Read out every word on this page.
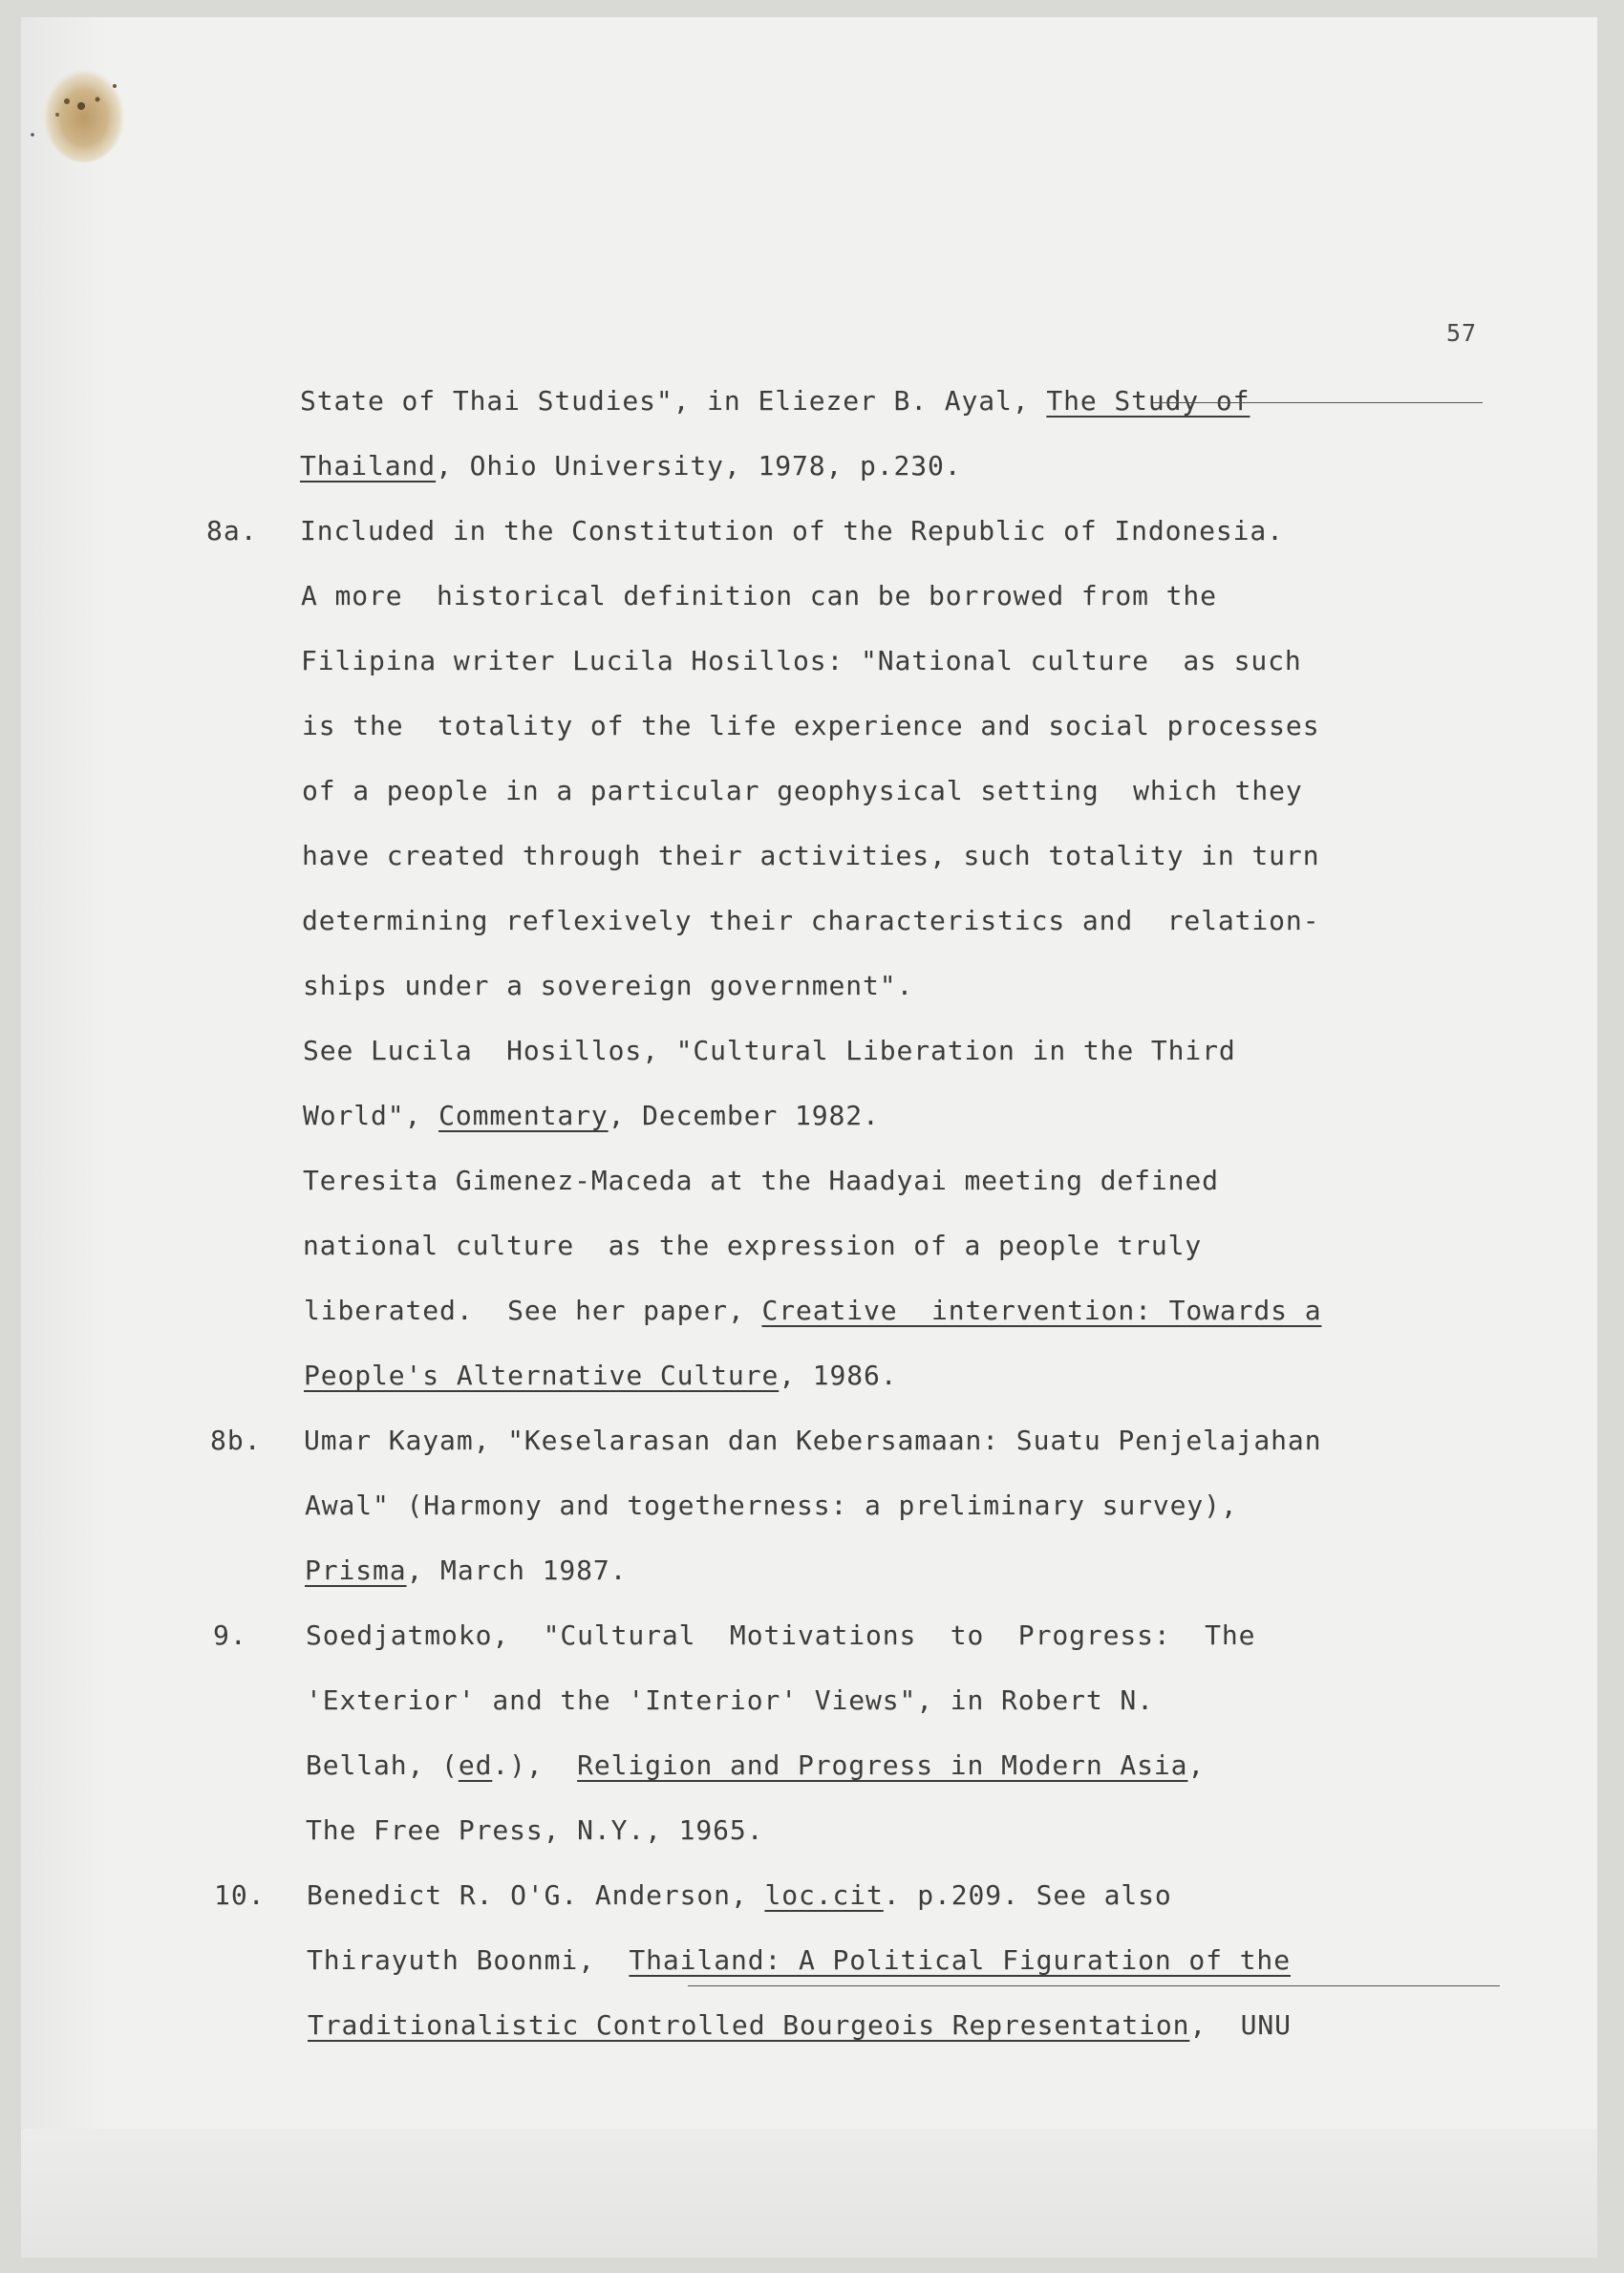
57
State of Thai Studies", in Eliezer B. Ayal, The Study of
Thailand, Ohio University, 1978, p.230.
Included in the Constitution of the Republic of Indonesia.
8a.
A more  historical definition can be borrowed from the
Filipina writer Lucila Hosillos: "National culture  as such
is the  totality of the life experience and social processes
of a people in a particular geophysical setting  which they
have created through their activities, such totality in turn
determining reflexively their characteristics and  relation-
ships under a sovereign government".
See Lucila  Hosillos, "Cultural Liberation in the Third
World", Commentary, December 1982.
Teresita Gimenez-Maceda at the Haadyai meeting defined
national culture  as the expression of a people truly
liberated.  See her paper, Creative  intervention: Towards a
People's Alternative Culture, 1986.
Umar Kayam, "Keselarasan dan Kebersamaan: Suatu Penjelajahan
8b.
Awal" (Harmony and togetherness: a preliminary survey),
Prisma, March 1987.
Soedjatmoko,  "Cultural  Motivations  to  Progress:  The
9.
'Exterior' and the 'Interior' Views", in Robert N.
Bellah, (ed.),  Religion and Progress in Modern Asia,
The Free Press, N.Y., 1965.
Benedict R. O'G. Anderson, loc.cit. p.209. See also
10.
Thirayuth Boonmi,  Thailand: A Political Figuration of the
Traditionalistic Controlled Bourgeois Representation,  UNU
